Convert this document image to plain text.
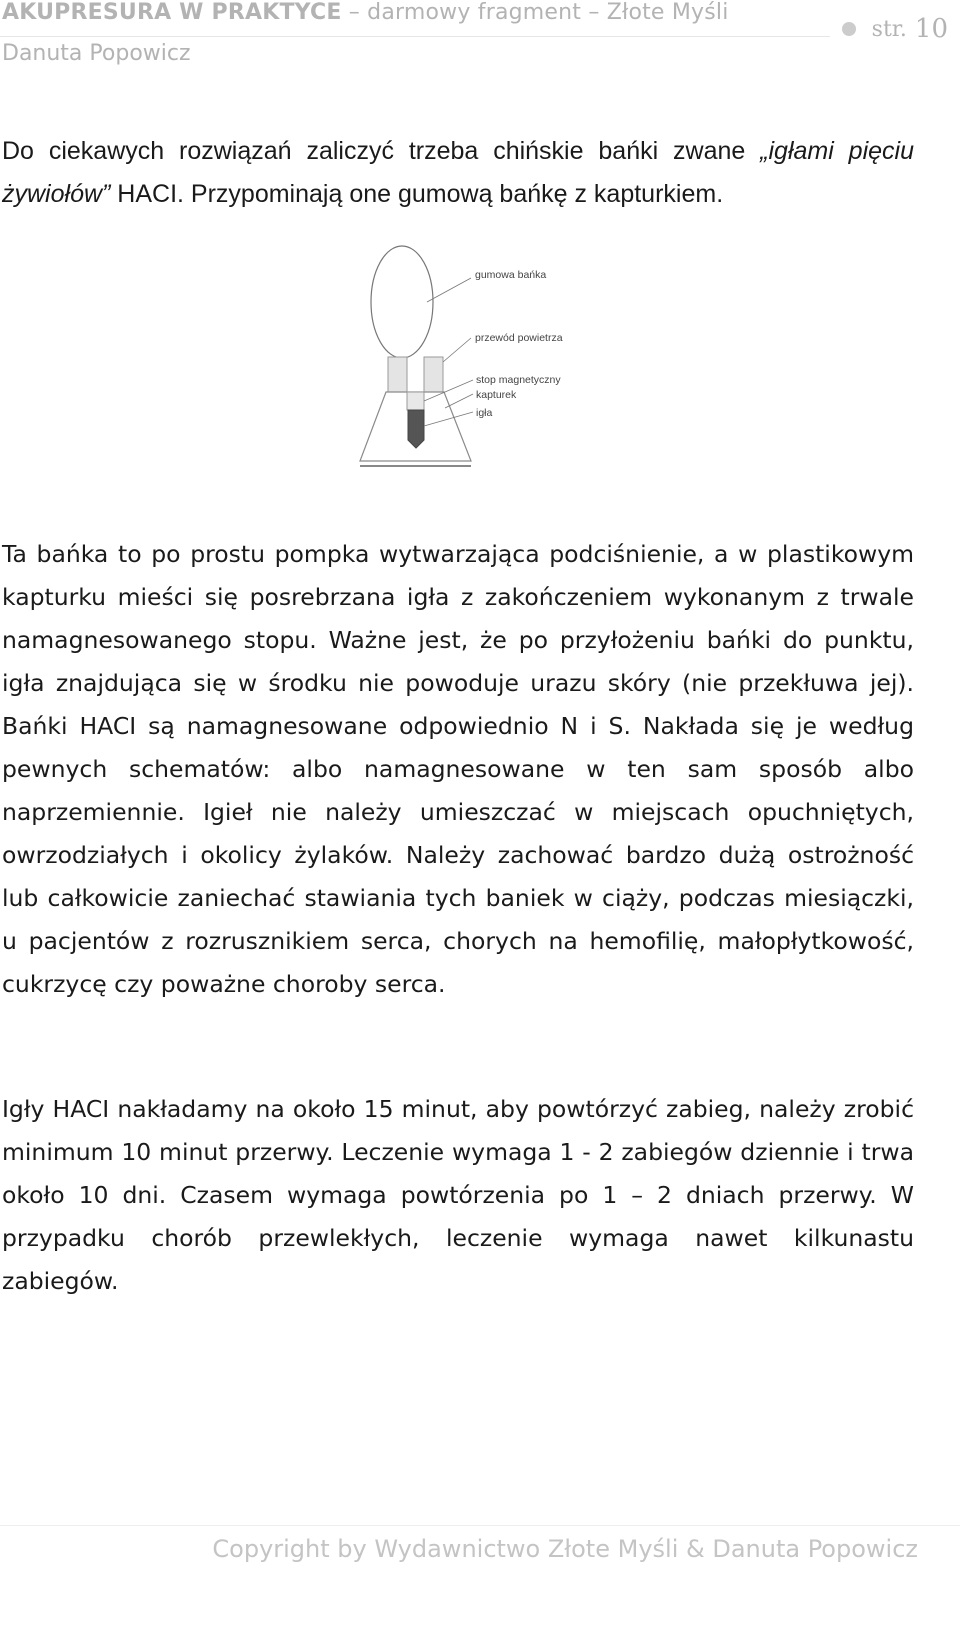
AKUPRESURA W PRAKTYCE – darmowy fragment – Złote Myśli
Danuta Popowicz
str. 10

Do ciekawych rozwiązań zaliczyć trzeba chińskie bańki zwane „igłami pięciu żywiołów” HACI. Przypominają one gumową bańkę z kapturkiem.

gumowa bańka
przewód powietrza
stop magnetyczny
kapturek
igła

Ta bańka to po prostu pompka wytwarzająca podciśnienie, a w plastikowym kapturku mieści się posrebrzana igła z zakończeniem wykonanym z trwale namagnesowanego stopu. Ważne jest, że po przyłożeniu bańki do punktu, igła znajdująca się w środku nie powoduje urazu skóry (nie przekłuwa jej). Bańki HACI są namagnesowane odpowiednio N i S. Nakłada się je według pewnych schematów: albo namagnesowane w ten sam sposób albo naprzemiennie. Igieł nie należy umieszczać w miejscach opuchniętych, owrzodziałych i okolicy żylaków. Należy zachować bardzo dużą ostrożność lub całkowicie zaniechać stawiania tych baniek w ciąży, podczas miesiączki, u pacjentów z rozrusznikiem serca, chorych na hemofilię, małopłytkowość, cukrzycę czy poważne choroby serca.

Igły HACI nakładamy na około 15 minut, aby powtórzyć zabieg, należy zrobić minimum 10 minut przerwy. Leczenie wymaga 1 - 2 zabiegów dziennie i trwa około 10 dni. Czasem wymaga powtórzenia po 1 – 2 dniach przerwy. W przypadku chorób przewlekłych, leczenie wymaga nawet kilkunastu zabiegów.

Copyright by Wydawnictwo Złote Myśli & Danuta Popowicz
